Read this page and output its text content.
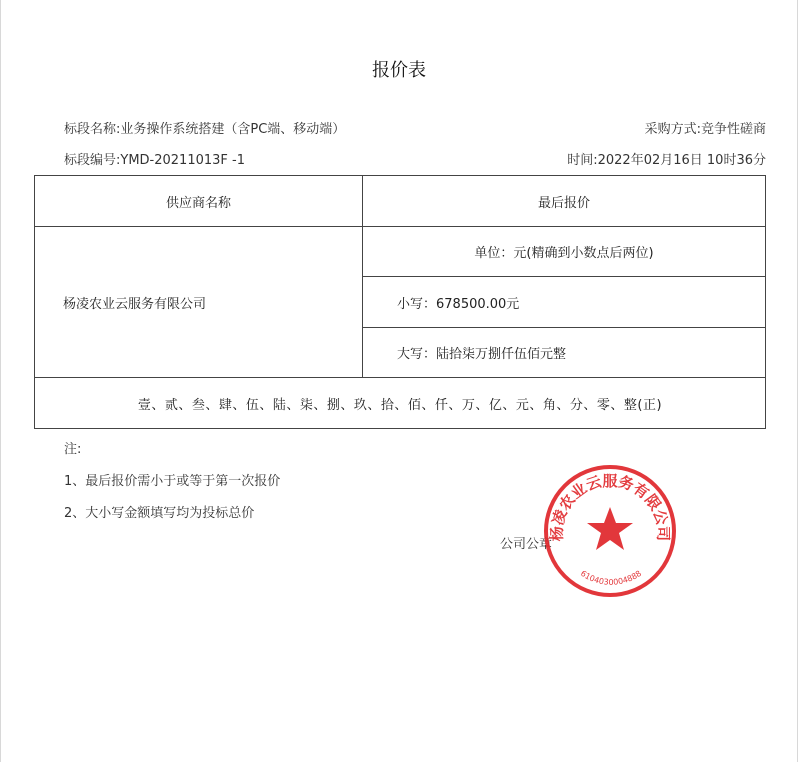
报价表
标段名称:业务操作系统搭建（含PC端、移动端）	采购方式:竞争性磋商
标段编号:YMD-20211013F -1	时间:2022年02月16日 10时36分
供应商名称	最后报价
杨凌农业云服务有限公司
单位：元(精确到小数点后两位)
小写：678500.00元
大写：陆拾柒万捌仟伍佰元整
壹、贰、叁、肆、伍、陆、柒、捌、玖、拾、佰、仟、万、亿、元、角、分、零、整(正)
注:
1、最后报价需小于或等于第一次报价
2、大小写金额填写均为投标总价
公司公章
杨凌农业云服务有限公司
6104030004888
